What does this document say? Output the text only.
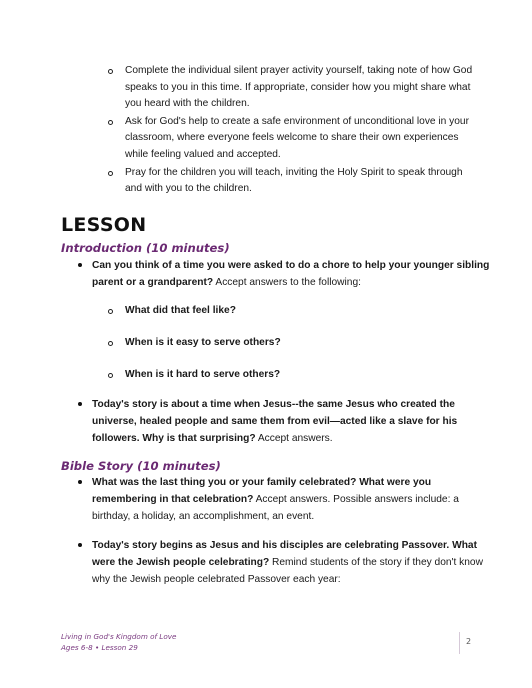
Complete the individual silent prayer activity yourself, taking note of how God speaks to you in this time. If appropriate, consider how you might share what you heard with the children.
Ask for God's help to create a safe environment of unconditional love in your classroom, where everyone feels welcome to share their own experiences while feeling valued and accepted.
Pray for the children you will teach, inviting the Holy Spirit to speak through and with you to the children.
LESSON
Introduction (10 minutes)
Can you think of a time you were asked to do a chore to help your younger sibling parent or a grandparent? Accept answers to the following:
What did that feel like?
When is it easy to serve others?
When is it hard to serve others?
Today's story is about a time when Jesus--the same Jesus who created the universe, healed people and same them from evil—acted like a slave for his followers. Why is that surprising? Accept answers.
Bible Story (10 minutes)
What was the last thing you or your family celebrated? What were you remembering in that celebration? Accept answers. Possible answers include: a birthday, a holiday, an accomplishment, an event.
Today's story begins as Jesus and his disciples are celebrating Passover. What were the Jewish people celebrating? Remind students of the story if they don't know why the Jewish people celebrated Passover each year:
Living in God's Kingdom of Love
Ages 6-8 • Lesson 29
2
